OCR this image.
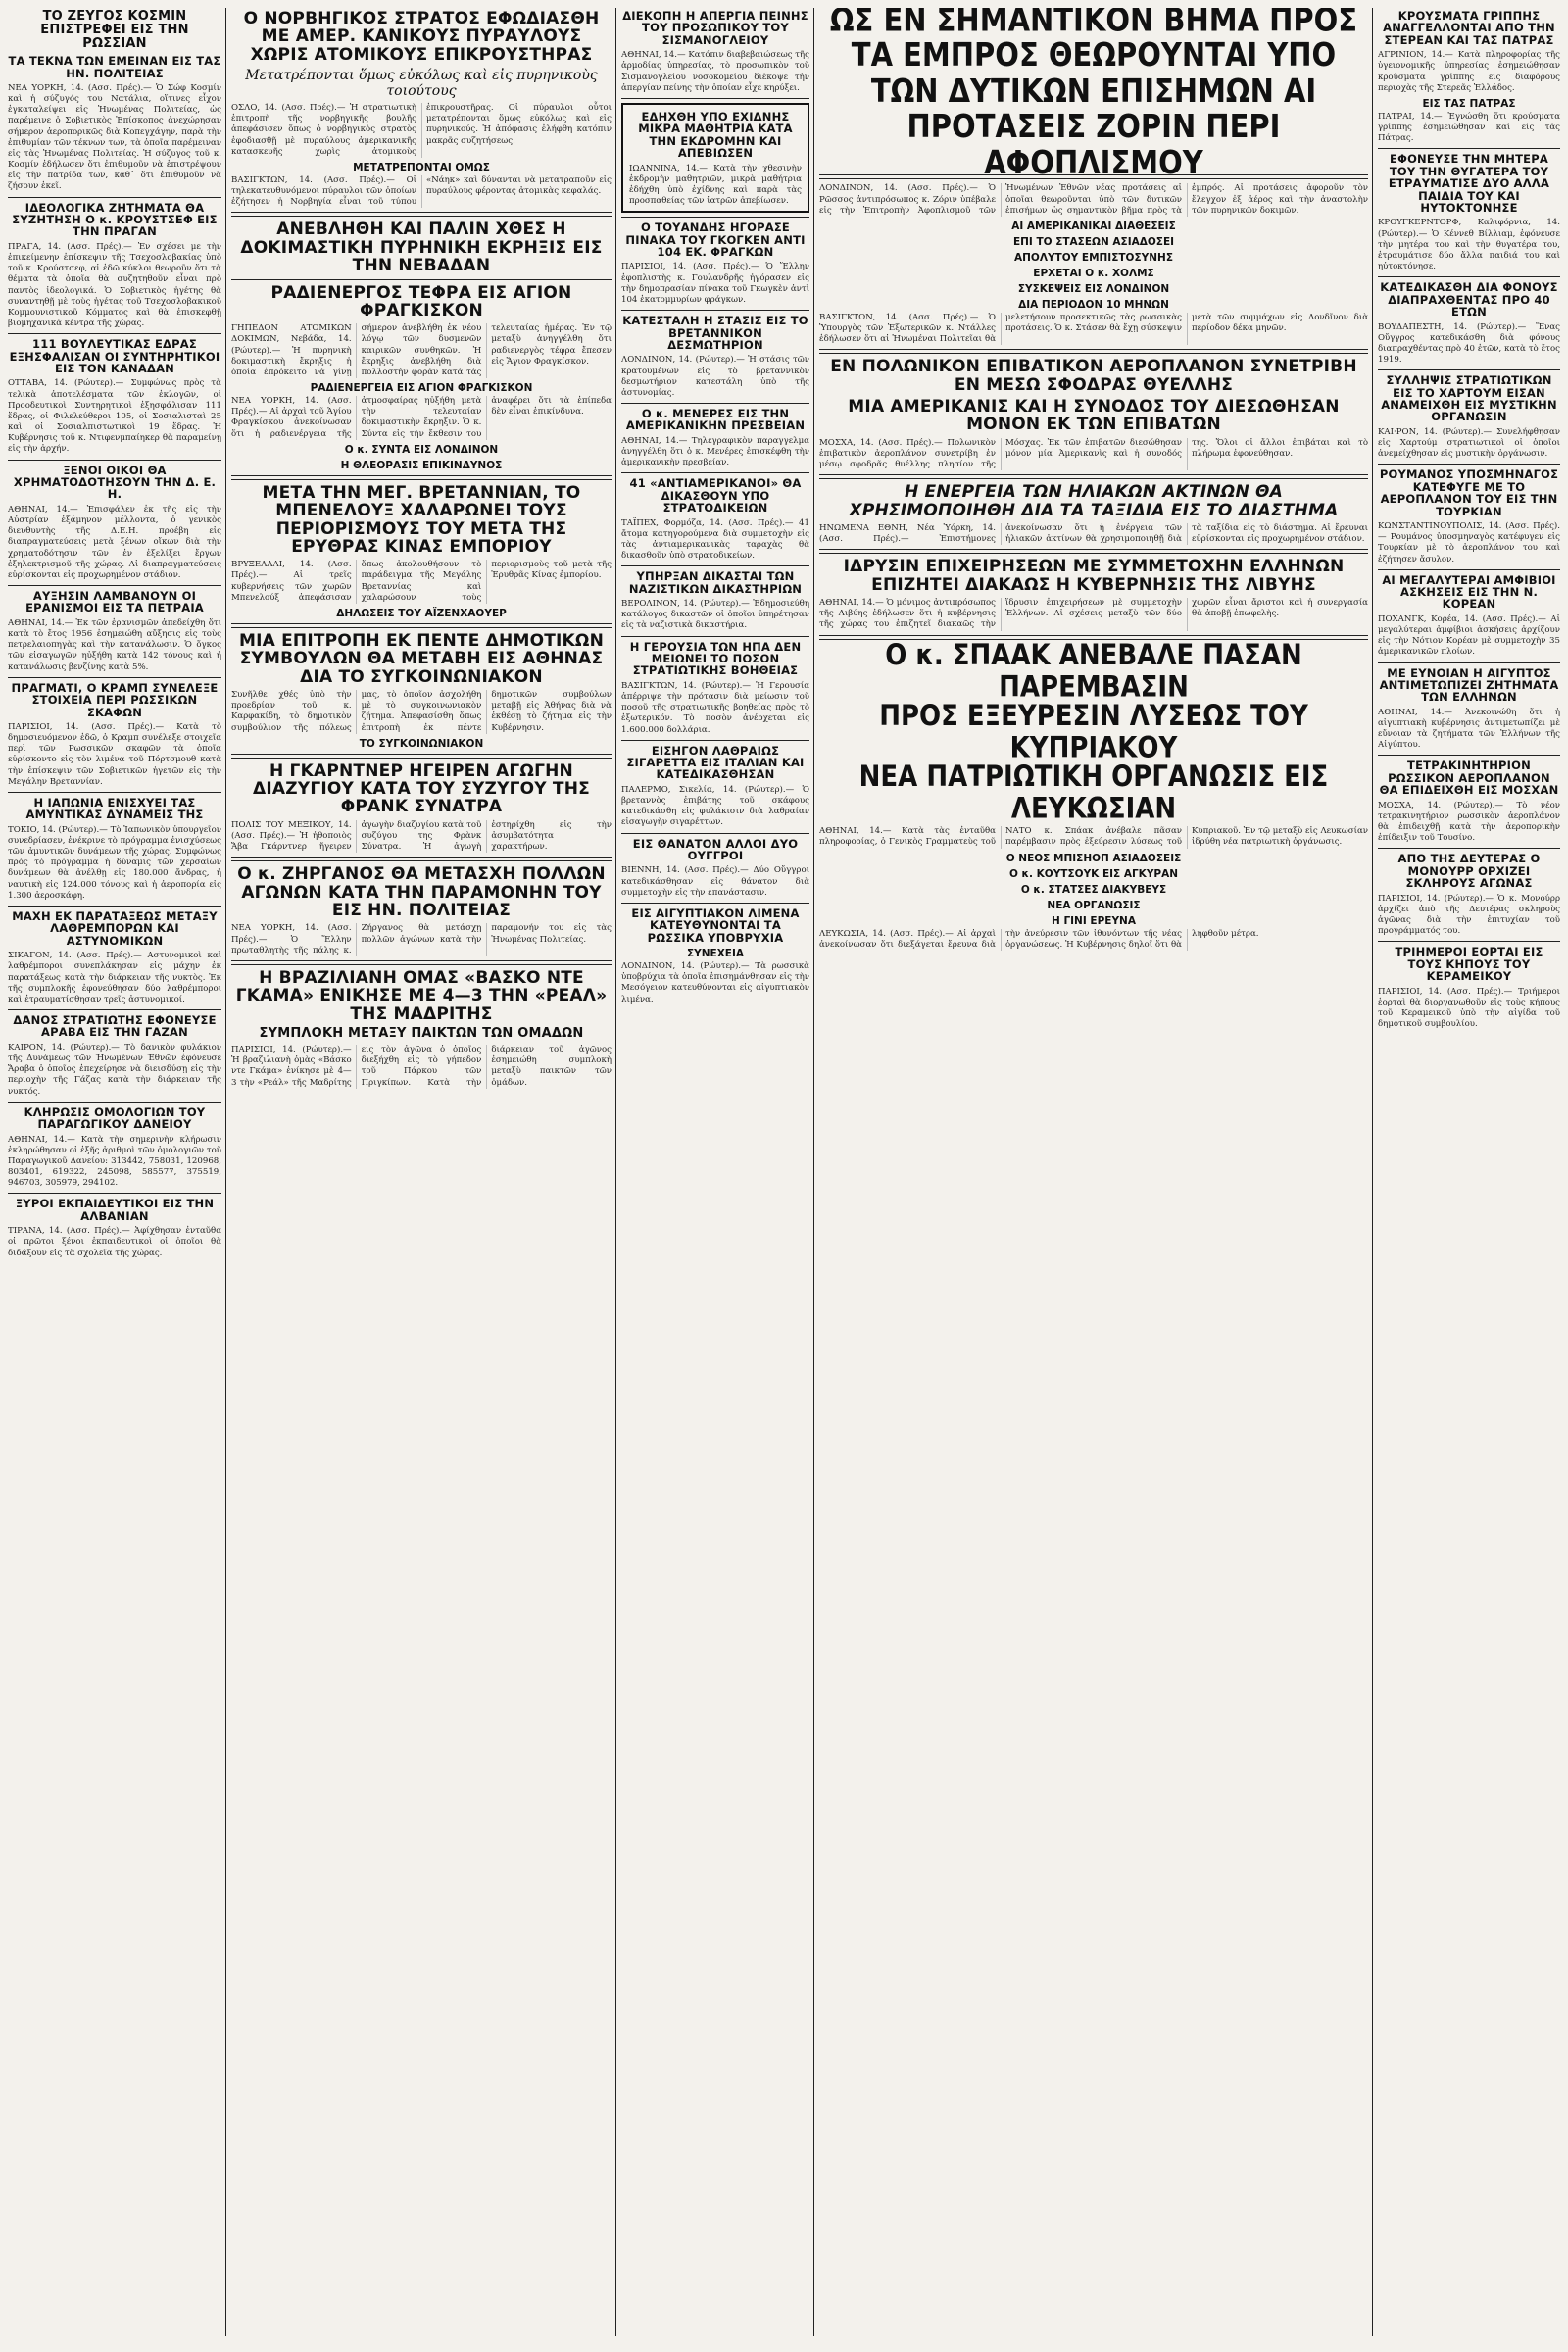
ΤΟ ΖΕΥΓΟΣ ΚΟΣΜΙΝ ΕΠΙΣΤΡΕΦΕΙ ΕΙΣ ΤΗΝ ΡΩΣΣΙΑΝ
ΤΑ ΤΕΚΝΑ ΤΩΝ ΕΜΕΙΝΑΝ ΕΙΣ ΤΑΣ ΗΝ. ΠΟΛΙΤΕΙΑΣ

ΝΕΑ ΥΟΡΚΗ, 14. (Ασσ. Πρές).— Ὁ Σώφ Κοσμίν καὶ ἡ σύζυγός του Νατάλια, οἵτινες εἶχον ἐγκαταλείψει εἰς Ἡνωμένας Πολιτείας, ὡς παρέμεινε ὁ Σοβιετικὸς Ἐπίσκοπος ἀνεχώρησαν σήμερον ἀεροπορικῶς διὰ Κοπεγχάγην, παρὰ τὴν ἐπιθυμίαν τῶν τέκνων των, τὰ ὁποῖα παρέμειναν εἰς τὰς Ἡνωμένας Πολιτείας. Ἡ σύζυγος τοῦ κ. Κοσμίν ἐδήλωσεν ὅτι ἐπιθυμοῦν νὰ ἐπιστρέψουν εἰς τὴν πατρίδα των, καθ᾿ ὅτι ἐπιθυμοῦν νὰ ζήσουν ἐκεῖ.

ΙΔΕΟΛΟΓΙΚΑ ΖΗΤΗΜΑΤΑ ΘΑ ΣΥΖΗΤΗΣΗ Ο κ. ΚΡΟΥΣΤΣΕΦ ΕΙΣ ΤΗΝ ΠΡΑΓΑΝ

ΠΡΑΓΑ, 14. (Ασσ. Πρές).— Ἐν σχέσει με τὴν ἐπικείμενην ἐπίσκεψιν τῆς Τσεχοσλοβακίας ὑπὸ τοῦ κ. Κρούστσεφ, αἱ ἐδῶ κύκλοι θεωροῦν ὅτι τὰ θέματα τὰ ὁποῖα θὰ συζητηθοῦν εἶναι πρὸ παντὸς ἰδεολογικά. Ὁ Σοβιετικὸς ἡγέτης θὰ συναντηθῇ μὲ τοὺς ἡγέτας τοῦ Τσεχοσλοβακικοῦ Κομμουνιστικοῦ Κόμματος καὶ θὰ ἐπισκεφθῇ βιομηχανικὰ κέντρα τῆς χώρας.

111 ΒΟΥΛΕΥΤΙΚΑΣ ΕΔΡΑΣ ΕΞΗΣΦΑΛΙΣΑΝ ΟΙ ΣΥΝΤΗΡΗΤΙΚΟΙ ΕΙΣ ΤΟΝ ΚΑΝΑΔΑΝ

ΟΤΤΑΒΑ, 14. (Ρώυτερ).— Συμφώνως πρὸς τὰ τελικὰ ἀποτελέσματα τῶν ἐκλογῶν, οἱ Προοδευτικοὶ Συντηρητικοὶ ἐξησφάλισαν 111 ἕδρας, οἱ Φιλελεύθεροι 105, οἱ Σοσιαλισταὶ 25 καὶ οἱ Σοσιαλπιστωτικοὶ 19 ἕδρας. Ἡ Κυβέρνησις τοῦ κ. Ντιφενμπαίηκερ θὰ παραμείνῃ εἰς τὴν ἀρχήν.

ΞΕΝΟΙ ΟΙΚΟΙ ΘΑ ΧΡΗΜΑΤΟΔΟΤΗΣΟΥΝ ΤΗΝ Δ. Ε. Η.

ΑΘΗΝΑΙ, 14.— Ἐπισφάλεν ἐκ τῆς εἰς τὴν Αὐστρίαν ἐξάμηνον μέλλοντα, ὁ γενικὸς διευθυντὴς τῆς Δ.Ε.Η. προέβη εἰς διαπραγματεύσεις μετὰ ξένων οἴκων διὰ τὴν χρηματοδότησιν τῶν ἐν ἐξελίξει ἔργων ἐξηλεκτρισμοῦ τῆς χώρας. Αἱ διαπραγματεύσεις εὑρίσκονται εἰς προχωρημένον στάδιον.

ΑΥΞΗΣΙΝ ΛΑΜΒΑΝΟΥΝ ΟΙ ΕΡΑΝΙΣΜΟΙ ΕΙΣ ΤΑ ΠΕΤΡΑΙΑ

ΑΘΗΝΑΙ, 14.— Ἐκ τῶν ἐρανισμῶν ἀπεδείχθη ὅτι κατὰ τὸ ἔτος 1956 ἐσημειώθη αὔξησις εἰς τοὺς πετρελαιοπηγὰς καὶ τὴν κατανάλωσιν. Ὁ ὅγκος τῶν εἰσαγωγῶν ηὐξήθη κατὰ 142 τόνους καὶ ἡ κατανάλωσις βενζίνης κατὰ 5%.

ΠΡΑΓΜΑΤΙ, Ο ΚΡΑΜΠ ΣΥΝΕΛΕΞΕ ΣΤΟΙΧΕΙΑ ΠΕΡΙ ΡΩΣΣΙΚΩΝ ΣΚΑΦΩΝ

ΠΑΡΙΣΙΟΙ, 14. (Ασσ. Πρές).— Κατὰ τὸ δημοσιευόμενον ἐδῶ, ὁ Κραμπ συνέλεξε στοιχεῖα περὶ τῶν Ρωσσικῶν σκαφῶν τὰ ὁποῖα εὑρίσκοντο εἰς τὸν λιμένα τοῦ Πόρτσμουθ κατὰ τὴν ἐπίσκεψιν τῶν Σοβιετικῶν ἡγετῶν εἰς τὴν Μεγάλην Βρεταννίαν.

Η ΙΑΠΩΝΙΑ ΕΝΙΣΧΥΕΙ ΤΑΣ ΑΜΥΝΤΙΚΑΣ ΔΥΝΑΜΕΙΣ ΤΗΣ

ΤΟΚΙΟ, 14. (Ρώυτερ).— Τὸ Ἰαπωνικὸν ὑπουργεῖον συνεδρίασεν, ἐνέκρινε τὸ πρόγραμμα ἐνισχύσεως τῶν ἀμυντικῶν δυνάμεων τῆς χώρας. Συμφώνως πρὸς τὸ πρόγραμμα ἡ δύναμις τῶν χερσαίων δυνάμεων θὰ ἀνέλθῃ εἰς 180.000 ἄνδρας, ἡ ναυτικὴ εἰς 124.000 τόνους καὶ ἡ ἀεροπορία εἰς 1.300 ἀεροσκάφη.

ΜΑΧΗ ΕΚ ΠΑΡΑΤΑΞΕΩΣ ΜΕΤΑΞΥ ΛΑΘΡΕΜΠΟΡΩΝ ΚΑΙ ΑΣΤΥΝΟΜΙΚΩΝ

ΣΙΚΑΓΟΝ, 14. (Ασσ. Πρές).— Αστυνομικοὶ καὶ λαθρέμποροι συνεπλάκησαν εἰς μάχην ἐκ παρατάξεως κατὰ τὴν διάρκειαν τῆς νυκτὸς. Ἐκ τῆς συμπλοκῆς ἐφονεύθησαν δύο λαθρέμποροι καὶ ἐτραυματίσθησαν τρεῖς ἀστυνομικοί.

ΔΑΝΟΣ ΣΤΡΑΤΙΩΤΗΣ ΕΦΟΝΕΥΣΕ ΑΡΑΒΑ ΕΙΣ ΤΗΝ ΓΑΖΑΝ

ΚΑΙΡΟΝ, 14. (Ρώυτερ).— Τὸ δανικὸν φυλάκιον τῆς Δυνάμεως τῶν Ἡνωμένων Ἐθνῶν ἐφόνευσε Ἄραβα ὁ ὁποῖος ἐπεχείρησε νὰ διεισδύσῃ εἰς τὴν περιοχὴν τῆς Γάζας κατὰ τὴν διάρκειαν τῆς νυκτός.

ΚΛΗΡΩΣΙΣ ΟΜΟΛΟΓΙΩΝ ΤΟΥ ΠΑΡΑΓΩΓΙΚΟΥ ΔΑΝΕΙΟΥ

ΑΘΗΝΑΙ, 14.— Κατὰ τὴν σημερινὴν κλήρωσιν ἐκληρώθησαν οἱ ἑξῆς ἀριθμοὶ τῶν ὁμολογιῶν τοῦ Παραγωγικοῦ Δανείου: 313442, 758031, 120968, 803401, 619322, 245098, 585577, 375519, 946703, 305979, 294102.

ΞΥΡΟΙ ΕΚΠΑΙΔΕΥΤΙΚΟΙ ΕΙΣ ΤΗΝ ΑΛΒΑΝΙΑΝ

ΤΙΡΑΝΑ, 14. (Ασσ. Πρές).— Ἀφίχθησαν ἐνταῦθα οἱ πρῶτοι ξένοι ἐκπαιδευτικοὶ οἱ ὁποῖοι θὰ διδάξουν εἰς τὰ σχολεῖα τῆς χώρας.

Ο ΝΟΡΒΗΓΙΚΟΣ ΣΤΡΑΤΟΣ ΕΦΩΔΙΑΣΘΗ ΜΕ ΑΜΕΡ. ΚΑΝΙΚΟΥΣ ΠΥΡΑΥΛΟΥΣ ΧΩΡΙΣ ΑΤΟΜΙΚΟΥΣ ΕΠΙΚΡΟΥΣΤΗΡΑΣ
Μετατρέπονται ὅμως εὐκόλως καὶ εἰς πυρηνικοὺς τοιούτους

ΟΣΛΟ, 14. (Ασσ. Πρές).— Ἡ στρατιωτικὴ ἐπιτροπὴ τῆς νορβηγικῆς βουλῆς ἀπεφάσισεν ὅπως ὁ νορβηγικὸς στρατὸς ἐφοδιασθῇ μὲ πυραύλους ἀμερικανικῆς κατασκευῆς χωρὶς ἀτομικοὺς ἐπικρουστῆρας. Οἱ πύραυλοι οὗτοι μετατρέπονται ὅμως εὐκόλως καὶ εἰς πυρηνικούς. Ἡ ἀπόφασις ἐλήφθη κατόπιν μακρᾶς συζητήσεως.

ΜΕΤΑΤΡΕΠΟΝΤΑΙ ΟΜΩΣ

ΒΑΣΙΓΚΤΩΝ, 14. (Ασσ. Πρές).— Οἱ τηλεκατευθυνόμενοι πύραυλοι τῶν ὁποίων ἐζήτησεν ἡ Νορβηγία εἶναι τοῦ τύπου «Νάηκ» καὶ δύνανται νὰ μετατραποῦν εἰς πυραύλους φέροντας ἀτομικὰς κεφαλάς.

ΑΝΕΒΛΗΘΗ ΚΑΙ ΠΑΛΙΝ ΧΘΕΣ Η ΔΟΚΙΜΑΣΤΙΚΗ ΠΥΡΗΝΙΚΗ ΕΚΡΗΞΙΣ ΕΙΣ ΤΗΝ ΝΕΒΑΔΑΝ
ΡΑΔΙΕΝΕΡΓΟΣ ΤΕΦΡΑ ΕΙΣ ΑΓΙΟΝ ΦΡΑΓΚΙΣΚΟΝ

ΓΗΠΕΔΟΝ ΑΤΟΜΙΚΩΝ ΔΟΚΙΜΩΝ, Νεβάδα, 14. (Ρώυτερ).— Ἡ πυρηνικὴ δοκιμαστικὴ ἔκρηξις ἡ ὁποία ἐπρόκειτο νὰ γίνῃ σήμερον ἀνεβλήθη ἐκ νέου λόγῳ τῶν δυσμενῶν καιρικῶν συνθηκῶν. Ἡ ἔκρηξις ἀνεβλήθη διὰ πολλοστὴν φορὰν κατὰ τὰς τελευταίας ἡμέρας. Ἐν τῷ μεταξὺ ἀνηγγέλθη ὅτι ραδιενεργὸς τέφρα ἔπεσεν εἰς Ἅγιον Φραγκίσκον.

ΡΑΔΙΕΝΕΡΓΕΙΑ ΕΙΣ ΑΓΙΟΝ ΦΡΑΓΚΙΣΚΟΝ

ΝΕΑ ΥΟΡΚΗ, 14. (Ασσ. Πρές).— Αἱ ἀρχαὶ τοῦ Ἁγίου Φραγκίσκου ἀνεκοίνωσαν ὅτι ἡ ραδιενέργεια τῆς ἀτμοσφαίρας ηὐξήθη μετὰ τὴν τελευταίαν δοκιμαστικὴν ἔκρηξιν. Ὁ κ. Σύντα εἰς τὴν ἔκθεσιν του ἀναφέρει ὅτι τὰ ἐπίπεδα δὲν εἶναι ἐπικίνδυνα.

Ο κ. ΣΥΝΤΑ ΕΙΣ ΛΟΝΔΙΝΟΝ
Η ΘΛΕΟΡΑΣΙΣ ΕΠΙΚΙΝΔΥΝΟΣ
ΜΕΤΑ ΤΗΝ ΜΕΓ. ΒΡΕΤΑΝΝΙΑΝ, ΤΟ ΜΠΕΝΕΛΟΥΞ ΧΑΛΑΡΩΝΕΙ ΤΟΥΣ ΠΕΡΙΟΡΙΣΜΟΥΣ ΤΟΥ ΜΕΤΑ ΤΗΣ ΕΡΥΘΡΑΣ ΚΙΝΑΣ ΕΜΠΟΡΙΟΥ

ΒΡΥΞΕΛΛΑΙ, 14. (Ασσ. Πρές).— Αἱ τρεῖς κυβερνήσεις τῶν χωρῶν Μπενελούξ ἀπεφάσισαν ὅπως ἀκολουθήσουν τὸ παράδειγμα τῆς Μεγάλης Βρεταννίας καὶ χαλαρώσουν τοὺς περιορισμοὺς τοῦ μετὰ τῆς Ἐρυθρᾶς Κίνας ἐμπορίου.

ΔΗΛΩΣΕΙΣ ΤΟΥ ΑΪΖΕΝΧΑΟΥΕΡ
ΜΙΑ ΕΠΙΤΡΟΠΗ ΕΚ ΠΕΝΤΕ ΔΗΜΟΤΙΚΩΝ ΣΥΜΒΟΥΛΩΝ ΘΑ ΜΕΤΑΒΗ ΕΙΣ ΑΘΗΝΑΣ ΔΙΑ ΤΟ ΣΥΓΚΟΙΝΩΝΙΑΚΟΝ

Συνῆλθε χθές ὑπὸ τὴν προεδρίαν τοῦ κ. Καρφακίδη, τὸ δημοτικὸν συμβούλιον τῆς πόλεως μας, τὸ ὁποῖον ἀσχολήθη μὲ τὸ συγκοινωνιακὸν ζήτημα. Ἀπεφασίσθη ὅπως ἐπιτροπὴ ἐκ πέντε δημοτικῶν συμβούλων μεταβῇ εἰς Ἀθήνας διὰ νὰ ἐκθέσῃ τὸ ζήτημα εἰς τὴν Κυβέρνησιν.

ΤΟ ΣΥΓΚΟΙΝΩΝΙΑΚΟΝ
Η ΓΚΑΡΝΤΝΕΡ ΗΓΕΙΡΕΝ ΑΓΩΓΗΝ ΔΙΑΖΥΓΙΟΥ ΚΑΤΑ ΤΟΥ ΣΥΖΥΓΟΥ ΤΗΣ ΦΡΑΝΚ ΣΥΝΑΤΡΑ

ΠΟΛΙΣ ΤΟΥ ΜΕΞΙΚΟΥ, 14. (Ασσ. Πρές).— Ἡ ἠθοποιὸς Ἄβα Γκάρντνερ ἤγειρεν ἀγωγὴν διαζυγίου κατὰ τοῦ συζύγου της Φρὰνκ Σύνατρα. Ἡ ἀγωγὴ ἐστηρίχθη εἰς τὴν ἀσυμβατότητα χαρακτήρων.

Ο κ. ΖΗΡΓΑΝΟΣ ΘΑ ΜΕΤΑΣΧΗ ΠΟΛΛΩΝ ΑΓΩΝΩΝ ΚΑΤΑ ΤΗΝ ΠΑΡΑΜΟΝΗΝ ΤΟΥ ΕΙΣ ΗΝ. ΠΟΛΙΤΕΙΑΣ

ΝΕΑ ΥΟΡΚΗ, 14. (Ασσ. Πρές).— Ὁ Ἕλλην πρωταθλητὴς τῆς πάλης κ. Ζήργανος θὰ μετάσχῃ πολλῶν ἀγώνων κατὰ τὴν παραμονήν του εἰς τὰς Ἡνωμένας Πολιτείας.

Η ΒΡΑΖΙΛΙΑΝΗ ΟΜΑΣ «ΒΑΣΚΟ ΝΤΕ ΓΚΑΜΑ» ΕΝΙΚΗΣΕ ΜΕ 4—3 ΤΗΝ «ΡΕΑΛ» ΤΗΣ ΜΑΔΡΙΤΗΣ
ΣΥΜΠΛΟΚΗ ΜΕΤΑΞΥ ΠΑΙΚΤΩΝ ΤΩΝ ΟΜΑΔΩΝ

ΠΑΡΙΣΙΟΙ, 14. (Ρώυτερ).— Ἡ βραζιλιανὴ ὁμὰς «Βάσκο ντε Γκάμα» ἐνίκησε μὲ 4—3 τὴν «Ρεάλ» τῆς Μαδρίτης εἰς τὸν ἀγῶνα ὁ ὁποῖος διεξήχθη εἰς τὸ γήπεδον τοῦ Πάρκου τῶν Πριγκίπων. Κατὰ τὴν διάρκειαν τοῦ ἀγῶνος ἐσημειώθη συμπλοκὴ μεταξὺ παικτῶν τῶν ὁμάδων.

ΔΙΕΚΟΠΗ Η ΑΠΕΡΓΙΑ ΠΕΙΝΗΣ ΤΟΥ ΠΡΟΣΩΠΙΚΟΥ ΤΟΥ ΣΙΣΜΑΝΟΓΛΕΙΟΥ

ΑΘΗΝΑΙ, 14.— Κατόπιν διαβεβαιώσεως τῆς ἁρμοδίας ὑπηρεσίας, τὸ προσωπικὸν τοῦ Σισμανογλείου νοσοκομείου διέκοψε τὴν ἀπεργίαν πείνης τὴν ὁποίαν εἶχε κηρύξει.

ΕΔΗΧΘΗ ΥΠΟ ΕΧΙΔΝΗΣ ΜΙΚΡΑ ΜΑΘΗΤΡΙΑ ΚΑΤΑ ΤΗΝ ΕΚΔΡΟΜΗΝ ΚΑΙ ΑΠΕΒΙΩΣΕΝ

ΙΩΑΝΝΙΝΑ, 14.— Κατὰ τὴν χθεσινὴν ἐκδρομὴν μαθητριῶν, μικρὰ μαθήτρια ἐδήχθη ὑπὸ ἐχίδνης καὶ παρὰ τὰς προσπαθείας τῶν ἰατρῶν ἀπεβίωσεν.

Ο ΤΟΥΑΝΔΗΣ ΗΓΟΡΑΣΕ ΠΙΝΑΚΑ ΤΟΥ ΓΚΟΓΚΕΝ ΑΝΤΙ 104 ΕΚ. ΦΡΑΓΚΩΝ

ΠΑΡΙΣΙΟΙ, 14. (Ασσ. Πρές).— Ὁ Ἕλλην ἐφοπλιστὴς κ. Γουλανδρῆς ἠγόρασεν εἰς τὴν δημοπρασίαν πίνακα τοῦ Γκωγκὲν ἀντὶ 104 ἑκατομμυρίων φράγκων.

ΚΑΤΕΣΤΑΛΗ Η ΣΤΑΣΙΣ ΕΙΣ ΤΟ ΒΡΕΤΑΝΝΙΚΟΝ ΔΕΣΜΩΤΗΡΙΟΝ

ΛΟΝΔΙΝΟΝ, 14. (Ρώυτερ).— Ἡ στάσις τῶν κρατουμένων εἰς τὸ βρεταννικὸν δεσμωτήριον κατεστάλη ὑπὸ τῆς ἀστυνομίας.

Ο κ. ΜΕΝΕΡΕΣ ΕΙΣ ΤΗΝ ΑΜΕΡΙΚΑΝΙΚΗΝ ΠΡΕΣΒΕΙΑΝ

ΑΘΗΝΑΙ, 14.— Τηλεγραφικὸν παραγγελμα ἀνηγγέλθη ὅτι ὁ κ. Μενέρες ἐπισκέφθη τὴν ἀμερικανικὴν πρεσβείαν.

41 «ΑΝΤΙΑΜΕΡΙΚΑΝΟΙ» ΘΑ ΔΙΚΑΣΘΟΥΝ ΥΠΟ ΣΤΡΑΤΟΔΙΚΕΙΩΝ

ΤΑΪΠΕΧ, Φορμόζα, 14. (Ασσ. Πρές).— 41 ἄτομα κατηγορούμενα διὰ συμμετοχὴν εἰς τὰς ἀντιαμερικανικὰς ταραχὰς θὰ δικασθοῦν ὑπὸ στρατοδικείων.

ΥΠΗΡΞΑΝ ΔΙΚΑΣΤΑΙ ΤΩΝ ΝΑΖΙΣΤΙΚΩΝ ΔΙΚΑΣΤΗΡΙΩΝ

ΒΕΡΟΛΙΝΟΝ, 14. (Ρώυτερ).— Ἐδημοσιεύθη κατάλογος δικαστῶν οἱ ὁποῖοι ὑπηρέτησαν εἰς τὰ ναζιστικὰ δικαστήρια.

Η ΓΕΡΟΥΣΙΑ ΤΩΝ ΗΠΑ ΔΕΝ ΜΕΙΩΝΕΙ ΤΟ ΠΟΣΟΝ ΣΤΡΑΤΙΩΤΙΚΗΣ ΒΟΗΘΕΙΑΣ

ΒΑΣΙΓΚΤΩΝ, 14. (Ρώυτερ).— Ἡ Γερουσία ἀπέρριψε τὴν πρότασιν διὰ μείωσιν τοῦ ποσοῦ τῆς στρατιωτικῆς βοηθείας πρὸς τὸ ἐξωτερικόν. Τὸ ποσὸν ἀνέρχεται εἰς 1.600.000 δολλάρια.

ΕΙΣΗΓΟΝ ΛΑΘΡΑΙΩΣ ΣΙΓΑΡΕΤΤΑ ΕΙΣ ΙΤΑΛΙΑΝ ΚΑΙ ΚΑΤΕΔΙΚΑΣΘΗΣΑΝ

ΠΑΛΕΡΜΟ, Σικελία, 14. (Ρώυτερ).— Ὁ βρεταννὸς ἐπιβάτης τοῦ σκάφους κατεδικάσθη εἰς φυλάκισιν διὰ λαθραίαν εἰσαγωγὴν σιγαρέττων.

ΕΙΣ ΘΑΝΑΤΟΝ ΑΛΛΟΙ ΔΥΟ ΟΥΓΓΡΟΙ

ΒΙΕΝΝΗ, 14. (Ασσ. Πρές).— Δύο Οὔγγροι κατεδικάσθησαν εἰς θάνατον διὰ συμμετοχὴν εἰς τὴν ἐπανάστασιν.

ΕΙΣ ΑΙΓΥΠΤΙΑΚΟΝ ΛΙΜΕΝΑ ΚΑΤΕΥΘΥΝΟΝΤΑΙ ΤΑ ΡΩΣΣΙΚΑ ΥΠΟΒΡΥΧΙΑ
ΣΥΝΕΧΕΙΑ

ΛΟΝΔΙΝΟΝ, 14. (Ρώυτερ).— Τὰ ρωσσικὰ ὑποβρύχια τὰ ὁποῖα ἐπισημάνθησαν εἰς τὴν Μεσόγειον κατευθύνονται εἰς αἰγυπτιακὸν λιμένα.

ΩΣ ΕΝ ΣΗΜΑΝΤΙΚΟΝ ΒΗΜΑ ΠΡΟΣ ΤΑ ΕΜΠΡΟΣ ΘΕΩΡΟΥΝΤΑΙ ΥΠΟ ΤΩΝ ΔΥΤΙΚΩΝ ΕΠΙΣΗΜΩΝ ΑΙ ΠΡΟΤΑΣΕΙΣ ΖΟΡΙΝ ΠΕΡΙ ΑΦΟΠΛΙΣΜΟΥ

ΛΟΝΔΙΝΟΝ, 14. (Ασσ. Πρές).— Ὁ Ρῶσσος ἀντιπρόσωπος κ. Ζόριν ὑπέβαλε εἰς τὴν Ἐπιτροπὴν Ἀφοπλισμοῦ τῶν Ἡνωμένων Ἐθνῶν νέας προτάσεις αἱ ὁποῖαι θεωροῦνται ὑπὸ τῶν δυτικῶν ἐπισήμων ὡς σημαντικὸν βῆμα πρὸς τὰ ἐμπρός. Αἱ προτάσεις ἀφοροῦν τὸν ἔλεγχον ἐξ ἀέρος καὶ τὴν ἀναστολὴν τῶν πυρηνικῶν δοκιμῶν.

ΑΙ ΑΜΕΡΙΚΑΝΙΚΑΙ ΔΙΑΘΕΣΕΙΣ
ΕΠΙ ΤΟ ΣΤΑΣΕΩΝ ΑΣΙΑΔΟΣΕΙ
ΑΠΟΛΥΤΟΥ ΕΜΠΙΣΤΟΣΥΝΗΣ
ΕΡΧΕΤΑΙ Ο κ. ΧΟΛΜΣ
ΣΥΣΚΕΨΕΙΣ ΕΙΣ ΛΟΝΔΙΝΟΝ
ΔΙΑ ΠΕΡΙΟΔΟΝ 10 ΜΗΝΩΝ

ΒΑΣΙΓΚΤΩΝ, 14. (Ασσ. Πρές).— Ὁ Ὑπουργὸς τῶν Ἐξωτερικῶν κ. Ντάλλες ἐδήλωσεν ὅτι αἱ Ἡνωμέναι Πολιτεῖαι θὰ μελετήσουν προσεκτικῶς τὰς ρωσσικὰς προτάσεις. Ὁ κ. Στάσεν θὰ ἔχῃ σύσκεψιν μετὰ τῶν συμμάχων εἰς Λονδῖνον διὰ περίοδον δέκα μηνῶν.

ΕΝ ΠΟΛΩΝΙΚΟΝ ΕΠΙΒΑΤΙΚΟΝ ΑΕΡΟΠΛΑΝΟΝ ΣΥΝΕΤΡΙΒΗ ΕΝ ΜΕΣΩ ΣΦΟΔΡΑΣ ΘΥΕΛΛΗΣ
ΜΙΑ ΑΜΕΡΙΚΑΝΙΣ ΚΑΙ Η ΣΥΝΟΔΟΣ ΤΟΥ ΔΙΕΣΩΘΗΣΑΝ ΜΟΝΟΝ ΕΚ ΤΩΝ ΕΠΙΒΑΤΩΝ

ΜΟΣΧΑ, 14. (Ασσ. Πρές).— Πολωνικὸν ἐπιβατικὸν ἀεροπλάνον συνετρίβη ἐν μέσῳ σφοδρᾶς θυέλλης πλησίον τῆς Μόσχας. Ἐκ τῶν ἐπιβατῶν διεσώθησαν μόνον μία Ἀμερικανὶς καὶ ἡ συνοδός της. Ὅλοι οἱ ἄλλοι ἐπιβάται καὶ τὸ πλήρωμα ἐφονεύθησαν.

Η ΕΝΕΡΓΕΙΑ ΤΩΝ ΗΛΙΑΚΩΝ ΑΚΤΙΝΩΝ ΘΑ ΧΡΗΣΙΜΟΠΟΙΗΘΗ ΔΙΑ ΤΑ ΤΑΞΙΔΙΑ ΕΙΣ ΤΟ ΔΙΑΣΤΗΜΑ

ΗΝΩΜΕΝΑ ΕΘΝΗ, Νέα Ὑόρκη, 14. (Ασσ. Πρές).— Ἐπιστήμονες ἀνεκοίνωσαν ὅτι ἡ ἐνέργεια τῶν ἡλιακῶν ἀκτίνων θὰ χρησιμοποιηθῇ διὰ τὰ ταξίδια εἰς τὸ διάστημα. Αἱ ἔρευναι εὑρίσκονται εἰς προχωρημένον στάδιον.

ΙΔΡΥΣΙΝ ΕΠΙΧΕΙΡΗΣΕΩΝ ΜΕ ΣΥΜΜΕΤΟΧΗΝ ΕΛΛΗΝΩΝ ΕΠΙΖΗΤΕΙ ΔΙΑΚΑΩΣ Η ΚΥΒΕΡΝΗΣΙΣ ΤΗΣ ΛΙΒΥΗΣ

ΑΘΗΝΑΙ, 14.— Ὁ μόνιμος ἀντιπρόσωπος τῆς Λιβύης ἐδήλωσεν ὅτι ἡ κυβέρνησις τῆς χώρας του ἐπιζητεῖ διακαῶς τὴν ἵδρυσιν ἐπιχειρήσεων μὲ συμμετοχὴν Ἑλλήνων. Αἱ σχέσεις μεταξὺ τῶν δύο χωρῶν εἶναι ἄριστοι καὶ ἡ συνεργασία θὰ ἀποβῇ ἐπωφελὴς.

Ο κ. ΣΠΑΑΚ ΑΝΕΒΑΛΕ ΠΑΣΑΝ ΠΑΡΕΜΒΑΣΙΝ
ΠΡΟΣ ΕΞΕΥΡΕΣΙΝ ΛΥΣΕΩΣ ΤΟΥ ΚΥΠΡΙΑΚΟΥ
ΝΕΑ ΠΑΤΡΙΩΤΙΚΗ ΟΡΓΑΝΩΣΙΣ ΕΙΣ ΛΕΥΚΩΣΙΑΝ

ΑΘΗΝΑΙ, 14.— Κατὰ τὰς ἐνταῦθα πληροφορίας, ὁ Γενικὸς Γραμματεὺς τοῦ ΝΑΤΟ κ. Σπάακ ἀνέβαλε πᾶσαν παρέμβασιν πρὸς ἐξεύρεσιν λύσεως τοῦ Κυπριακοῦ. Ἐν τῷ μεταξὺ εἰς Λευκωσίαν ἱδρύθη νέα πατριωτικὴ ὀργάνωσις.

Ο ΝΕΟΣ ΜΠΙΣΗΟΠ ΑΣΙΑΔΟΣΕΙΣ
Ο κ. ΚΟΥΤΣΟΥΚ ΕΙΣ ΑΓΚΥΡΑΝ
Ο κ. ΣΤΑΤΣΕΣ ΔΙΑΚΥΒΕΥΣ
ΝΕΑ ΟΡΓΑΝΩΣΙΣ
Η ΓΙΝΙ ΕΡΕΥΝΑ

ΛΕΥΚΩΣΙΑ, 14. (Ασσ. Πρές).— Αἱ ἀρχαὶ ἀνεκοίνωσαν ὅτι διεξάγεται ἔρευνα διὰ τὴν ἀνεύρεσιν τῶν ἰθυνόντων τῆς νέας ὀργανώσεως. Ἡ Κυβέρνησις δηλοῖ ὅτι θὰ ληφθοῦν μέτρα.

ΚΡΟΥΣΜΑΤΑ ΓΡΙΠΠΗΣ ΑΝΑΓΓΕΛΛΟΝΤΑΙ ΑΠΟ ΤΗΝ ΣΤΕΡΕΑΝ ΚΑΙ ΤΑΣ ΠΑΤΡΑΣ

ΑΓΡΙΝΙΟΝ, 14.— Κατὰ πληροφορίας τῆς ὑγειονομικῆς ὑπηρεσίας ἐσημειώθησαν κρούσματα γρίππης εἰς διαφόρους περιοχὰς τῆς Στερεᾶς Ἑλλάδος.

ΕΙΣ ΤΑΣ ΠΑΤΡΑΣ

ΠΑΤΡΑΙ, 14.— Ἐγνώσθη ὅτι κρούσματα γρίππης ἐσημειώθησαν καὶ εἰς τὰς Πάτρας.

ΕΦΟΝΕΥΣΕ ΤΗΝ ΜΗΤΕΡΑ ΤΟΥ ΤΗΝ ΘΥΓΑΤΕΡΑ ΤΟΥ ΕΤΡΑΥΜΑΤΙΣΕ ΔΥΟ ΑΛΛΑ ΠΑΙΔΙΑ ΤΟΥ ΚΑΙ ΗΥΤΟΚΤΟΝΗΣΕ

ΚΡΟΥΓΚΕΡΝΤΟΡΦ, Καλιφόρνια, 14. (Ρώυτερ).— Ὁ Κέννεθ Βίλλιαμ, ἐφόνευσε τὴν μητέρα του καὶ τὴν θυγατέρα του, ἐτραυμάτισε δύο ἄλλα παιδιά του καὶ ηὐτοκτόνησε.

ΚΑΤΕΔΙΚΑΣΘΗ ΔΙΑ ΦΟΝΟΥΣ ΔΙΑΠΡΑΧΘΕΝΤΑΣ ΠΡΟ 40 ΕΤΩΝ

ΒΟΥΔΑΠΕΣΤΗ, 14. (Ρώυτερ).— Ἕνας Οὔγγρος κατεδικάσθη διὰ φόνους διαπραχθέντας πρὸ 40 ἐτῶν, κατὰ τὸ ἔτος 1919.

ΣΥΛΛΗΨΙΣ ΣΤΡΑΤΙΩΤΙΚΩΝ ΕΙΣ ΤΟ ΧΑΡΤΟΥΜ ΕΙΣΑΝ ΑΝΑΜΕΙΧΘΗ ΕΙΣ ΜΥΣΤΙΚΗΝ ΟΡΓΑΝΩΣΙΝ

ΚΑΙ·ΡΟΝ, 14. (Ρώυτερ).— Συνελήφθησαν εἰς Χαρτούμ στρατιωτικοὶ οἱ ὁποῖοι ἀνεμείχθησαν εἰς μυστικὴν ὀργάνωσιν.

ΡΟΥΜΑΝΟΣ ΥΠΟΣΜΗΝΑΓΟΣ ΚΑΤΕΦΥΓΕ ΜΕ ΤΟ ΑΕΡΟΠΛΑΝΟΝ ΤΟΥ ΕΙΣ ΤΗΝ ΤΟΥΡΚΙΑΝ

ΚΩΝΣΤΑΝΤΙΝΟΥΠΟΛΙΣ, 14. (Ασσ. Πρές).— Ρουμάνος ὑποσμηναγὸς κατέφυγεν εἰς Τουρκίαν μὲ τὸ ἀεροπλάνον του καὶ ἐζήτησεν ἄσυλον.

ΑΙ ΜΕΓΑΛΥΤΕΡΑΙ ΑΜΦΙΒΙΟΙ ΑΣΚΗΣΕΙΣ ΕΙΣ ΤΗΝ Ν. ΚΟΡΕΑΝ

ΠΟΧΑΝΓΚ, Κορέα, 14. (Ασσ. Πρές).— Αἱ μεγαλύτεραι ἀμφίβιοι ἀσκήσεις ἀρχίζουν εἰς τὴν Νότιον Κορέαν μὲ συμμετοχὴν 35 ἀμερικανικῶν πλοίων.

ΜΕ ΕΥΝΟΙΑΝ Η ΑΙΓΥΠΤΟΣ ΑΝΤΙΜΕΤΩΠΙΖΕΙ ΖΗΤΗΜΑΤΑ ΤΩΝ ΕΛΛΗΝΩΝ

ΑΘΗΝΑΙ, 14.— Ἀνεκοινώθη ὅτι ἡ αἰγυπτιακὴ κυβέρνησις ἀντιμετωπίζει μὲ εὔνοιαν τὰ ζητήματα τῶν Ἑλλήνων τῆς Αἰγύπτου.

ΤΕΤΡΑΚΙΝΗΤΗΡΙΟΝ ΡΩΣΣΙΚΟΝ ΑΕΡΟΠΛΑΝΟΝ ΘΑ ΕΠΙΔΕΙΧΘΗ ΕΙΣ ΜΟΣΧΑΝ

ΜΟΣΧΑ, 14. (Ρώυτερ).— Τὸ νέον τετρακινητήριον ρωσσικὸν ἀεροπλάνον θὰ ἐπιδειχθῇ κατὰ τὴν ἀεροπορικὴν ἐπίδειξιν τοῦ Τουσίνο.

ΑΠΟ ΤΗΣ ΔΕΥΤΕΡΑΣ Ο ΜΟΝΟΥΡΡ ΟΡΧΙΖΕΙ ΣΚΛΗΡΟΥΣ ΑΓΩΝΑΣ

ΠΑΡΙΣΙΟΙ, 14. (Ρώυτερ).— Ὁ κ. Μονούρρ ἀρχίζει ἀπὸ τῆς Δευτέρας σκληροὺς ἀγῶνας διὰ τὴν ἐπιτυχίαν τοῦ προγράμματός του.

ΤΡΙΗΜΕΡΟΙ ΕΟΡΤΑΙ ΕΙΣ ΤΟΥΣ ΚΗΠΟΥΣ ΤΟΥ ΚΕΡΑΜΕΙΚΟΥ

ΠΑΡΙΣΙΟΙ, 14. (Ασσ. Πρές).— Τριήμεροι ἑορταὶ θὰ διοργανωθοῦν εἰς τοὺς κήπους τοῦ Κεραμεικοῦ ὑπὸ τὴν αἰγίδα τοῦ δημοτικοῦ συμβουλίου.
